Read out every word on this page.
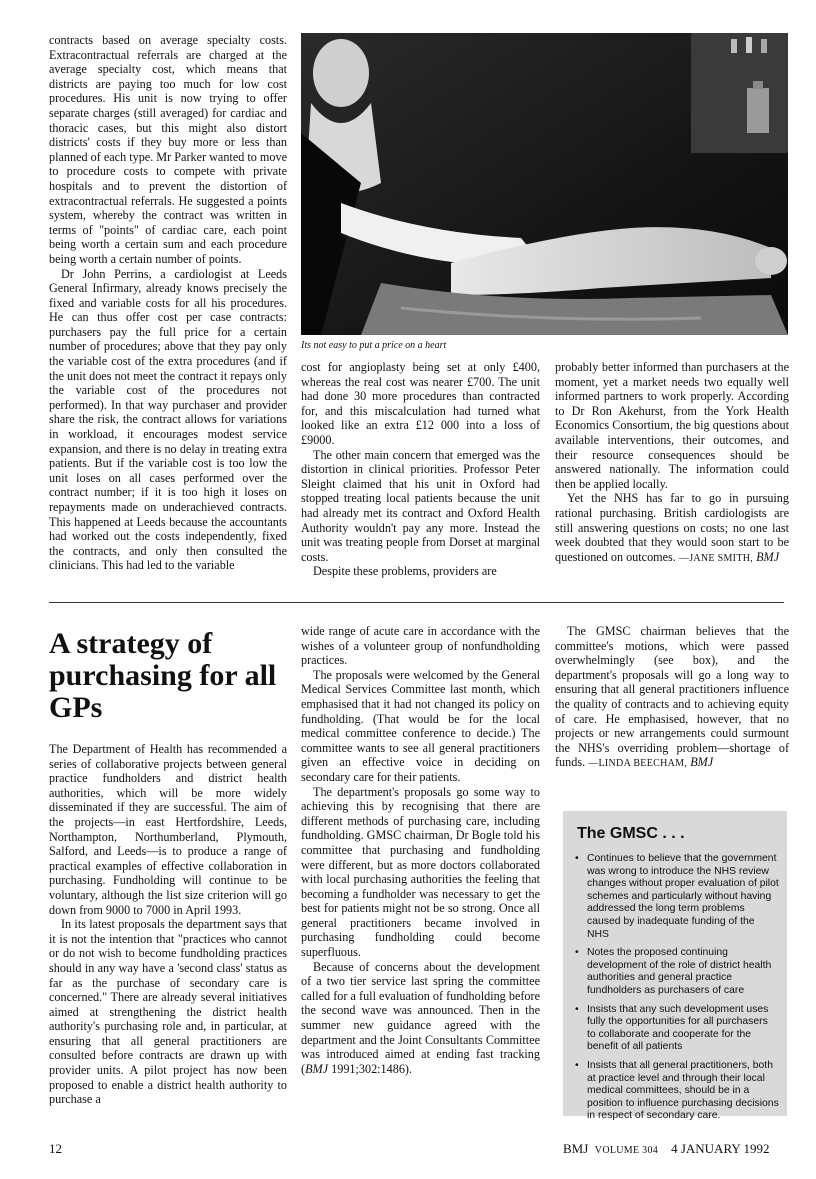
contracts based on average specialty costs. Extracontractual referrals are charged at the average specialty cost, which means that districts are paying too much for low cost procedures. His unit is now trying to offer separate charges (still averaged) for cardiac and thoracic cases, but this might also distort districts' costs if they buy more or less than planned of each type. Mr Parker wanted to move to procedure costs to compete with private hospitals and to prevent the distortion of extracontractual referrals. He suggested a points system, whereby the contract was written in terms of "points" of cardiac care, each point being worth a certain sum and each procedure being worth a certain number of points.

Dr John Perrins, a cardiologist at Leeds General Infirmary, already knows precisely the fixed and variable costs for all his procedures. He can thus offer cost per case contracts: purchasers pay the full price for a certain number of procedures; above that they pay only the variable cost of the extra procedures (and if the unit does not meet the contract it repays only the variable cost of the procedures not performed). In that way purchaser and provider share the risk, the contract allows for variations in workload, it encourages modest service expansion, and there is no delay in treating extra patients. But if the variable cost is too low the unit loses on all cases performed over the contract number; if it is too high it loses on repayments made on underachieved contracts. This happened at Leeds because the accountants had worked out the costs independently, fixed the contracts, and only then consulted the clinicians. This had led to the variable

Its not easy to put a price on a heart

cost for angioplasty being set at only £400, whereas the real cost was nearer £700. The unit had done 30 more procedures than contracted for, and this miscalculation had turned what looked like an extra £12 000 into a loss of £9000.

The other main concern that emerged was the distortion in clinical priorities. Professor Peter Sleight claimed that his unit in Oxford had stopped treating local patients because the unit had already met its contract and Oxford Health Authority wouldn't pay any more. Instead the unit was treating people from Dorset at marginal costs.

Despite these problems, providers are

probably better informed than purchasers at the moment, yet a market needs two equally well informed partners to work properly. According to Dr Ron Akehurst, from the York Health Economics Consortium, the big questions about available interventions, their outcomes, and their resource consequences should be answered nationally. The information could then be applied locally.

Yet the NHS has far to go in pursuing rational purchasing. British cardiologists are still answering questions on costs; no one last week doubted that they would soon start to be questioned on outcomes. —JANE SMITH, BMJ

A strategy of purchasing for all GPs

The Department of Health has recommended a series of collaborative projects between general practice fundholders and district health authorities, which will be more widely disseminated if they are successful. The aim of the projects—in east Hertfordshire, Leeds, Northampton, Northumberland, Plymouth, Salford, and Leeds—is to produce a range of practical examples of effective collaboration in purchasing. Fundholding will continue to be voluntary, although the list size criterion will go down from 9000 to 7000 in April 1993.

In its latest proposals the department says that it is not the intention that "practices who cannot or do not wish to become fundholding practices should in any way have a 'second class' status as far as the purchase of secondary care is concerned." There are already several initiatives aimed at strengthening the district health authority's purchasing role and, in particular, at ensuring that all general practitioners are consulted before contracts are drawn up with provider units. A pilot project has now been proposed to enable a district health authority to purchase a

wide range of acute care in accordance with the wishes of a volunteer group of nonfundholding practices.

The proposals were welcomed by the General Medical Services Committee last month, which emphasised that it had not changed its policy on fundholding. (That would be for the local medical committee conference to decide.) The committee wants to see all general practitioners given an effective voice in deciding on secondary care for their patients.

The department's proposals go some way to achieving this by recognising that there are different methods of purchasing care, including fundholding. GMSC chairman, Dr Bogle told his committee that purchasing and fundholding were different, but as more doctors collaborated with local purchasing authorities the feeling that becoming a fundholder was necessary to get the best for patients might not be so strong. Once all general practitioners became involved in purchasing fundholding could become superfluous.

Because of concerns about the development of a two tier service last spring the committee called for a full evaluation of fundholding before the second wave was announced. Then in the summer new guidance agreed with the department and the Joint Consultants Committee was introduced aimed at ending fast tracking (BMJ 1991;302:1486).

The GMSC chairman believes that the committee's motions, which were passed overwhelmingly (see box), and the department's proposals will go a long way to ensuring that all general practitioners influence the quality of contracts and to achieving equity of care. He emphasised, however, that no projects or new arrangements could surmount the NHS's overriding problem—shortage of funds. —LINDA BEECHAM, BMJ

The GMSC . . .
• Continues to believe that the government was wrong to introduce the NHS review changes without proper evaluation of pilot schemes and particularly without having addressed the long term problems caused by inadequate funding of the NHS
• Notes the proposed continuing development of the role of district health authorities and general practice fundholders as purchasers of care
• Insists that any such development uses fully the opportunities for all purchasers to collaborate and cooperate for the benefit of all patients
• Insists that all general practitioners, both at practice level and through their local medical committees, should be in a position to influence purchasing decisions in respect of secondary care.
12	BMJ VOLUME 304 4 JANUARY 1992
